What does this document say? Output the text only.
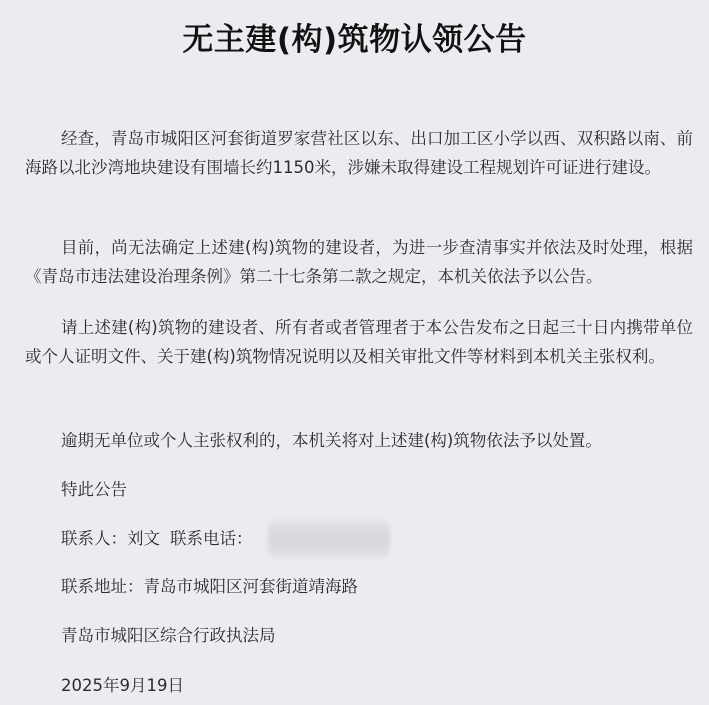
无主建(构)筑物认领公告

经查，青岛市城阳区河套街道罗家营社区以东、出口加工区小学以西、双积路以南、前海路以北沙湾地块建设有围墙长约1150米，涉嫌未取得建设工程规划许可证进行建设。

目前，尚无法确定上述建(构)筑物的建设者，为进一步查清事实并依法及时处理，根据《青岛市违法建设治理条例》第二十七条第二款之规定，本机关依法予以公告。

请上述建(构)筑物的建设者、所有者或者管理者于本公告发布之日起三十日内携带单位或个人证明文件、关于建(构)筑物情况说明以及相关审批文件等材料到本机关主张权利。

逾期无单位或个人主张权利的，本机关将对上述建(构)筑物依法予以处置。

特此公告

联系人：刘文 联系电话：

联系地址：青岛市城阳区河套街道靖海路

青岛市城阳区综合行政执法局

2025年9月19日
